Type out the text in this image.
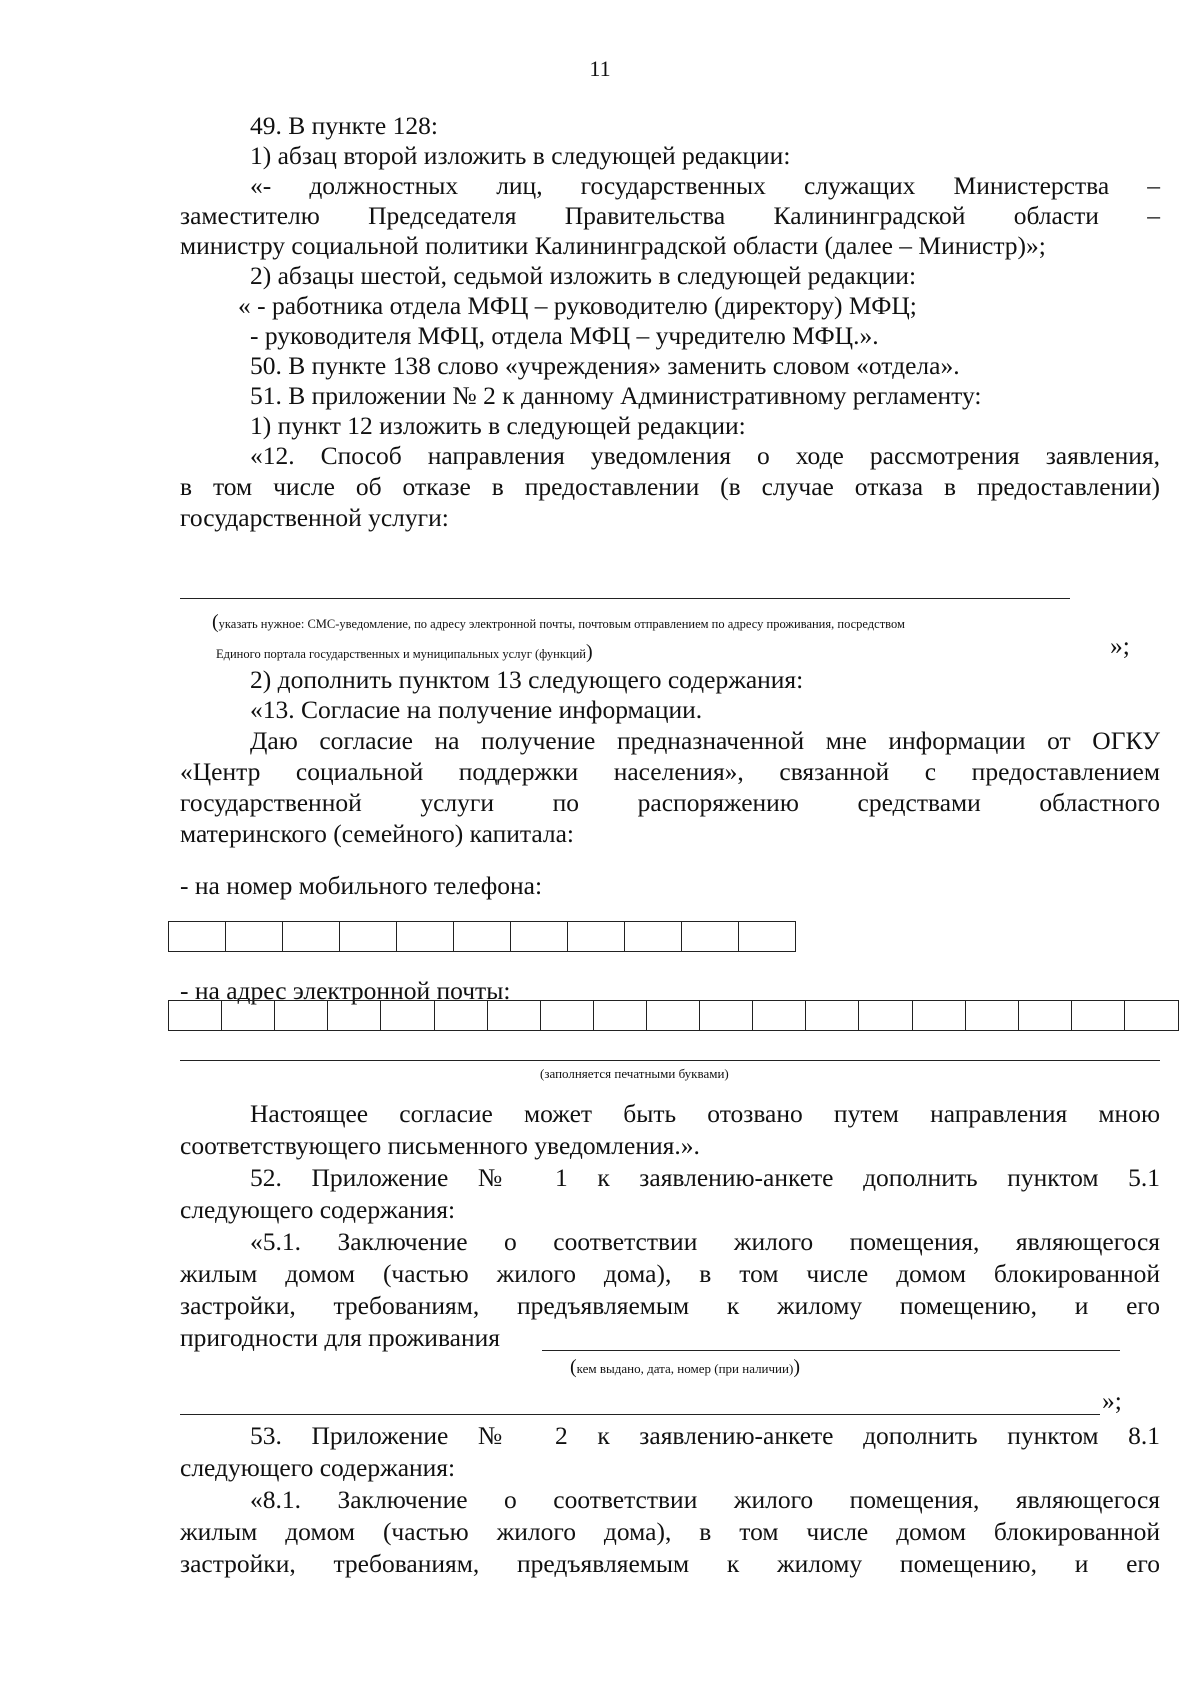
11
49. В пункте 128:
1) абзац второй изложить в следующей редакции:
«- должностных лиц, государственных служащих Министерства –
заместителю Председателя Правительства Калининградской области –
министру социальной политики Калининградской области (далее – Министр)»;
2) абзацы шестой, седьмой изложить в следующей редакции:
« - работника отдела МФЦ – руководителю (директору) МФЦ;
- руководителя МФЦ, отдела МФЦ – учредителю МФЦ.».
50. В пункте 138 слово «учреждения» заменить словом «отдела».
51. В приложении № 2 к данному Административному регламенту:
1) пункт 12 изложить в следующей редакции:
«12. Способ направления уведомления о ходе рассмотрения заявления,
в том числе об отказе в предоставлении (в случае отказа в предоставлении)
государственной услуги:
(указать нужное: СМС-уведомление, по адресу электронной почты, почтовым отправлением по адресу проживания, посредством
Единого портала государственных и муниципальных услуг (функций)	»;
2) дополнить пунктом 13 следующего содержания:
«13. Согласие на получение информации.
Даю согласие на получение предназначенной мне информации от ОГКУ
«Центр социальной поддержки населения», связанной с предоставлением
государственной услуги по распоряжению средствами областного
материнского (семейного) капитала:
- на номер мобильного телефона:
- на адрес электронной почты:
(заполняется печатными буквами)
Настоящее согласие может быть отозвано путем направления мною
соответствующего письменного уведомления.».
52. Приложение № 1 к заявлению-анкете дополнить пунктом 5.1
следующего содержания:
«5.1. Заключение о соответствии жилого помещения, являющегося
жилым домом (частью жилого дома), в том числе домом блокированной
застройки, требованиям, предъявляемым к жилому помещению, и его
пригодности для проживания
(кем выдано, дата, номер (при наличии))
»;
53. Приложение № 2 к заявлению-анкете дополнить пунктом 8.1
следующего содержания:
«8.1. Заключение о соответствии жилого помещения, являющегося
жилым домом (частью жилого дома), в том числе домом блокированной
застройки, требованиям, предъявляемым к жилому помещению, и его
